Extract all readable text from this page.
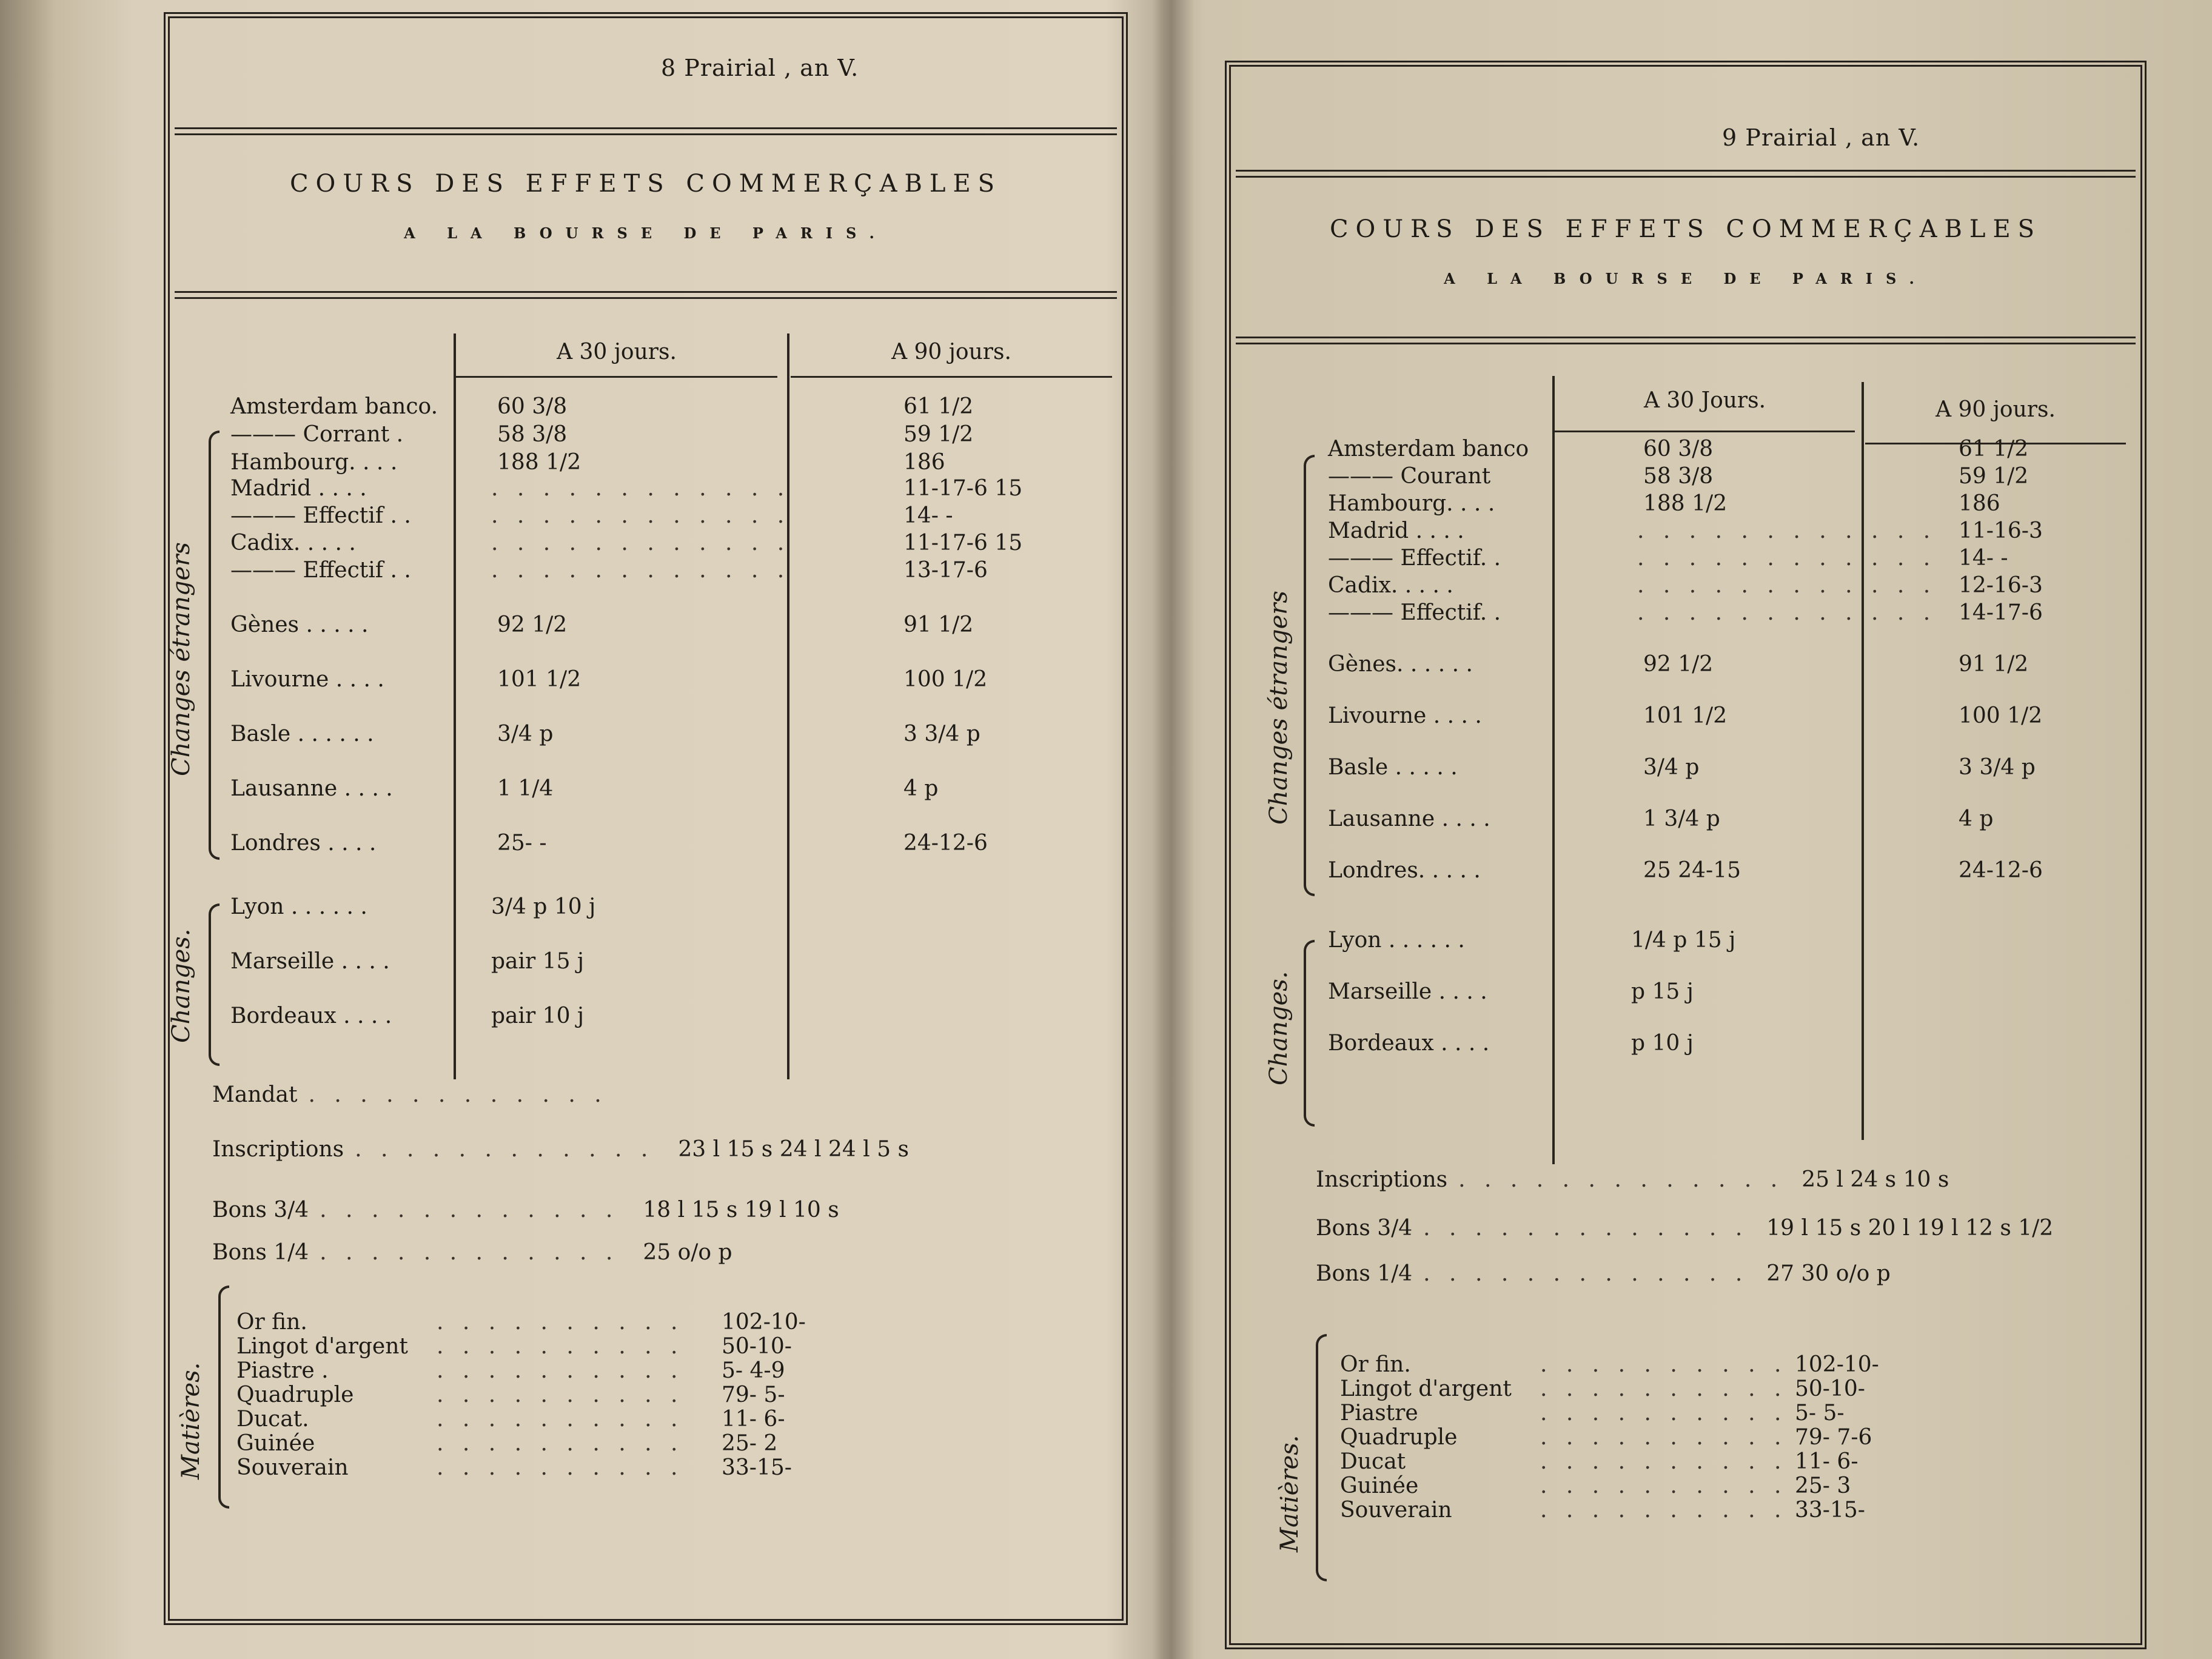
8 Prairial , an V.
COURS DES EFFETS COMMERÇABLES
A LA BOURSE DE PARIS.
A 30 jours.	A 90 jours.
Changes étrangers
Amsterdam banco.	60 3/8	61 1/2
——— Corrant .	58 3/8	59 1/2
Hambourg. . . .	188 1/2	186
Madrid . . . .	. . . . . . . . . . . .	11-17-6 15
——— Effectif . .	. . . . . . . . . . . .	14- -
Cadix. . . . .	. . . . . . . . . . . .	11-17-6 15
——— Effectif . .	. . . . . . . . . . . .	13-17-6
Gènes . . . . .	92 1/2	91 1/2
Livourne . . . .	101 1/2	100 1/2
Basle . . . . . .	3/4 p	3 3/4 p
Lausanne . . . .	1 1/4	4 p
Londres . . . .	25- -	24-12-6
Changes.
Lyon . . . . . .	3/4 p 10 j
Marseille . . . .	pair 15 j
Bordeaux . . . .	pair 10 j
Mandat . . . . . . . . . . . .
Inscriptions . . . . . . . . . . . . 23 l 15 s 24 l 24 l 5 s
Bons 3/4 . . . . . . . . . . . . 18 l 15 s 19 l 10 s
Bons 1/4 . . . . . . . . . . . . 25 o/o p
Matières.
Or fin.	. . . . . . . . . . 102-10-
Lingot d'argent . . . . . . . . . . 50-10-
Piastre .	. . . . . . . . . . 5- 4-9
Quadruple	. . . . . . . . . . 79- 5-
Ducat.	. . . . . . . . . . 11- 6-
Guinée	. . . . . . . . . . 25- 2
Souverain	. . . . . . . . . . 33-15-
9 Prairial , an V.
COURS DES EFFETS COMMERÇABLES
A LA BOURSE DE PARIS.
A 30 Jours.	A 90 jours.
Changes étrangers
Amsterdam banco	60 3/8	61 1/2
——— Courant	58 3/8	59 1/2
Hambourg. . . .	188 1/2	186
Madrid . . . .	. . . . . . . . . . . . 11-16-3
——— Effectif. .	. . . . . . . . . . . . 14- -
Cadix. . . . .	. . . . . . . . . . . . 12-16-3
——— Effectif. .	. . . . . . . . . . . . 14-17-6
Gènes. . . . . .	92 1/2	91 1/2
Livourne . . . .	101 1/2	100 1/2
Basle . . . . .	3/4 p	3 3/4 p
Lausanne . . . .	1 3/4 p	4 p
Londres. . . . .	25 24-15	24-12-6
Changes.
Lyon . . . . . .	1/4 p 15 j
Marseille . . . .	p 15 j
Bordeaux . . . .	p 10 j
Inscriptions . . . . . . . . . . . . . 25 l 24 s 10 s
Bons 3/4 . . . . . . . . . . . . . 19 l 15 s 20 l 19 l 12 s 1/2
Bons 1/4 . . . . . . . . . . . . . 27 30 o/o p
Matières.
Or fin.	. . . . . . . . . . 102-10-
Lingot d'argent . . . . . . . . . . 50-10-
Piastre	. . . . . . . . . . 5- 5-
Quadruple	. . . . . . . . . . 79- 7-6
Ducat	. . . . . . . . . . 11- 6-
Guinée	. . . . . . . . . . 25- 3
Souverain	. . . . . . . . . . 33-15-
